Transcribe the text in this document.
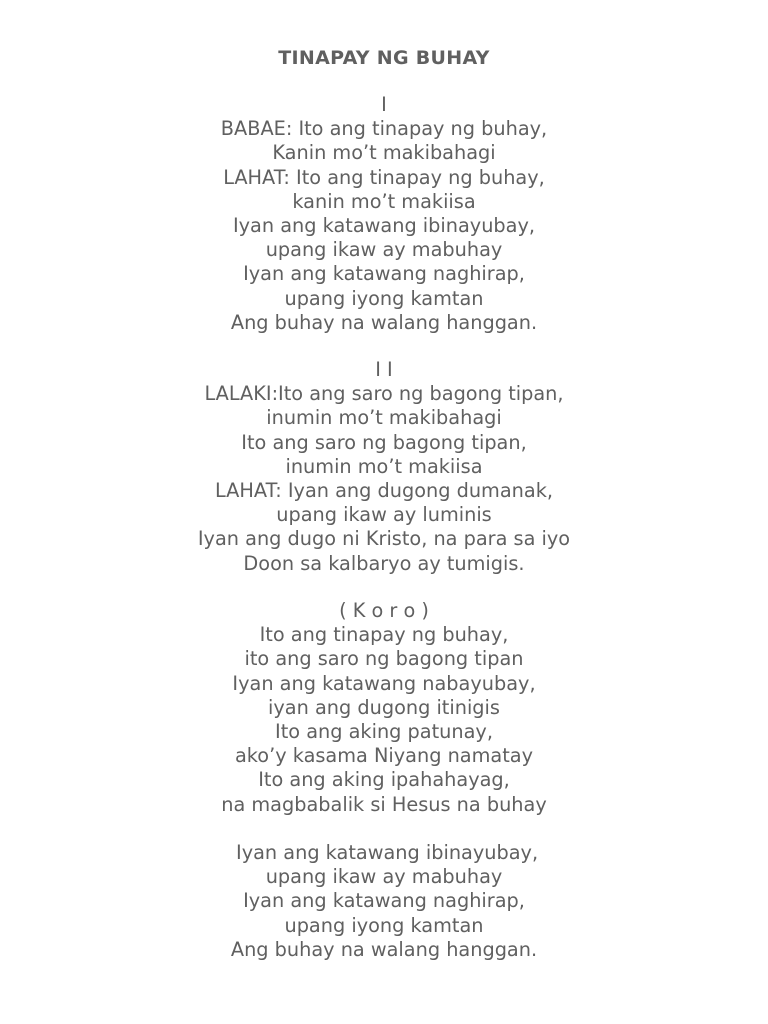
TINAPAY NG BUHAY
I
BABAE: Ito ang tinapay ng buhay,
Kanin mo’t makibahagi
LAHAT: Ito ang tinapay ng buhay,
kanin mo’t makiisa
Iyan ang katawang ibinayubay,
upang ikaw ay mabuhay
Iyan ang katawang naghirap,
upang iyong kamtan
Ang buhay na walang hanggan.
I I
LALAKI:Ito ang saro ng bagong tipan,
inumin mo’t makibahagi
Ito ang saro ng bagong tipan,
inumin mo’t makiisa
LAHAT: Iyan ang dugong dumanak,
upang ikaw ay luminis
Iyan ang dugo ni Kristo, na para sa iyo
Doon sa kalbaryo ay tumigis.
( K o r o )
Ito ang tinapay ng buhay,
ito ang saro ng bagong tipan
Iyan ang katawang nabayubay,
iyan ang dugong itinigis
Ito ang aking patunay,
ako’y kasama Niyang namatay
Ito ang aking ipahahayag,
na magbabalik si Hesus na buhay
Iyan ang katawang ibinayubay,
upang ikaw ay mabuhay
Iyan ang katawang naghirap,
upang iyong kamtan
Ang buhay na walang hanggan.
